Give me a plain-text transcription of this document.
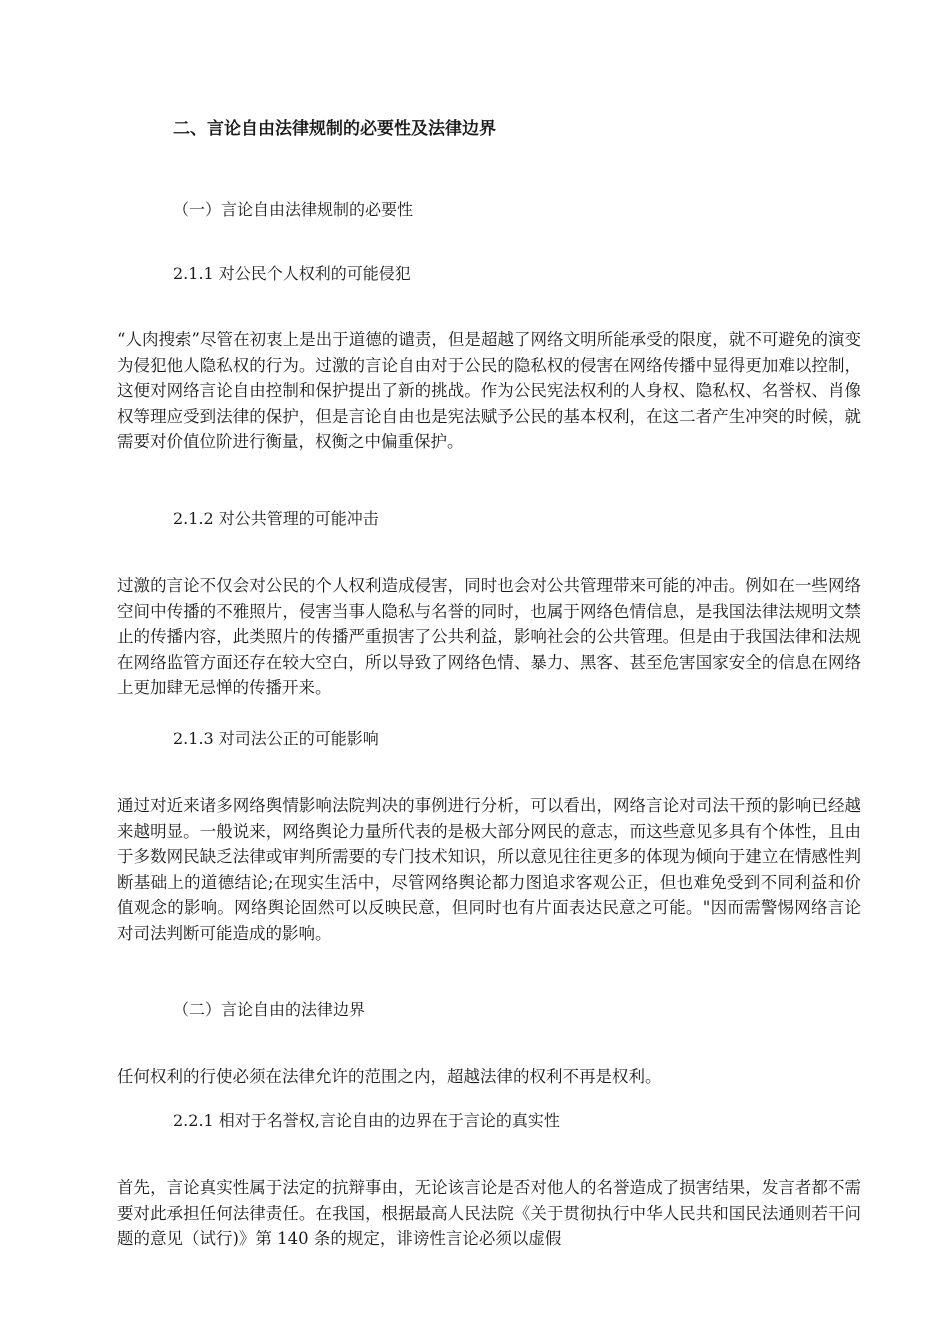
二、言论自由法律规制的必要性及法律边界
（一）言论自由法律规制的必要性
2.1.1 对公民个人权利的可能侵犯

“人肉搜索”尽管在初衷上是出于道德的谴责，但是超越了网络文明所能承受的限度，就不可避免的演变为侵犯他人隐私权的行为。过激的言论自由对于公民的隐私权的侵害在网络传播中显得更加难以控制，这便对网络言论自由控制和保护提出了新的挑战。作为公民宪法权利的人身权、隐私权、名誉权、肖像权等理应受到法律的保护，但是言论自由也是宪法赋予公民的基本权利，在这二者产生冲突的时候，就需要对价值位阶进行衡量，权衡之中偏重保护。

2.1.2 对公共管理的可能冲击

过激的言论不仅会对公民的个人权利造成侵害，同时也会对公共管理带来可能的冲击。例如在一些网络空间中传播的不雅照片，侵害当事人隐私与名誉的同时，也属于网络色情信息，是我国法律法规明文禁止的传播内容，此类照片的传播严重损害了公共利益，影响社会的公共管理。但是由于我国法律和法规在网络监管方面还存在较大空白，所以导致了网络色情、暴力、黑客、甚至危害国家安全的信息在网络上更加肆无忌惮的传播开来。

2.1.3 对司法公正的可能影响

通过对近来诸多网络舆情影响法院判决的事例进行分析，可以看出，网络言论对司法干预的影响已经越来越明显。一般说来，网络舆论力量所代表的是极大部分网民的意志，而这些意见多具有个体性，且由于多数网民缺乏法律或审判所需要的专门技术知识，所以意见往往更多的体现为倾向于建立在情感性判断基础上的道德结论;在现实生活中，尽管网络舆论都力图追求客观公正，但也难免受到不同利益和价值观念的影响。网络舆论固然可以反映民意，但同时也有片面表达民意之可能。"因而需警惕网络言论对司法判断可能造成的影响。

（二）言论自由的法律边界

任何权利的行使必须在法律允许的范围之内，超越法律的权利不再是权利。

2.2.1 相对于名誉权,言论自由的边界在于言论的真实性

首先，言论真实性属于法定的抗辩事由，无论该言论是否对他人的名誉造成了损害结果，发言者都不需要对此承担任何法律责任。在我国，根据最高人民法院《关于贯彻执行中华人民共和国民法通则若干问题的意见（试行)》第 140 条的规定，诽谤性言论必须以虚假
